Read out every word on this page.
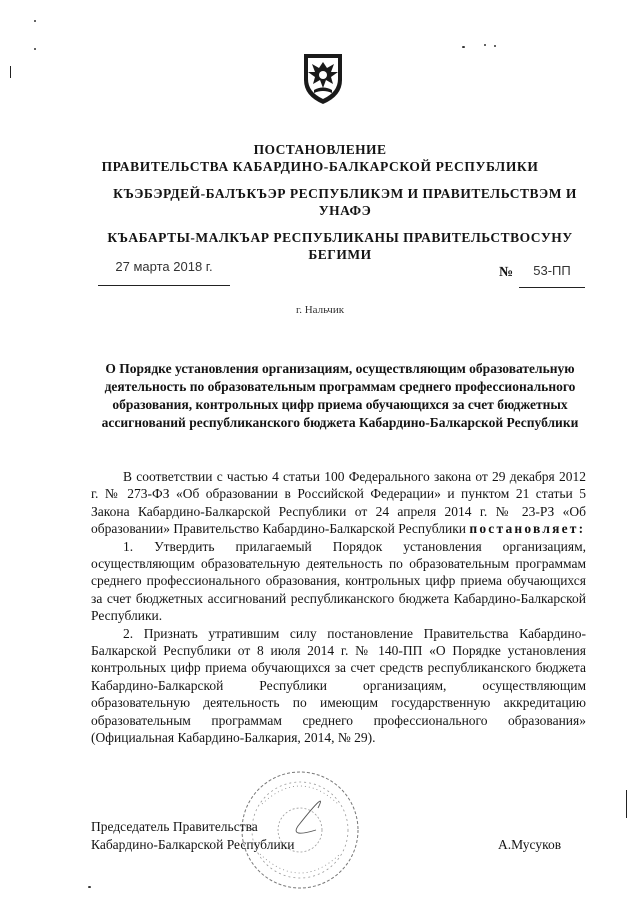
ПОСТАНОВЛЕНИЕ
ПРАВИТЕЛЬСТВА КАБАРДИНО-БАЛКАРСКОЙ РЕСПУБЛИКИ
КЪЭБЭРДЕЙ-БАЛЪКЪЭР РЕСПУБЛИКЭМ И ПРАВИТЕЛЬСТВЭМ И УНАФЭ
КЪАБАРТЫ-МАЛКЪАР РЕСПУБЛИКАНЫ ПРАВИТЕЛЬСТВОСУНУ БЕГИМИ
27 марта 2018 г.	№	53-ПП
г. Нальчик
О Порядке установления организациям, осуществляющим образовательную деятельность по образовательным программам среднего профессионального образования, контрольных цифр приема обучающихся за счет бюджетных ассигнований республиканского бюджета Кабардино-Балкарской Республики

В соответствии с частью 4 статьи 100 Федерального закона от 29 декабря 2012 г. № 273-ФЗ «Об образовании в Российской Федерации» и пунктом 21 статьи 5 Закона Кабардино-Балкарской Республики от 24 апреля 2014 г. № 23-РЗ «Об образовании» Правительство Кабардино-Балкарской Республики постановляет:

1. Утвердить прилагаемый Порядок установления организациям, осуществляющим образовательную деятельность по образовательным программам среднего профессионального образования, контрольных цифр приема обучающихся за счет бюджетных ассигнований республиканского бюджета Кабардино-Балкарской Республики.

2. Признать утратившим силу постановление Правительства Кабардино-Балкарской Республики от 8 июля 2014 г. № 140-ПП «О Порядке установления контрольных цифр приема обучающихся за счет средств республиканского бюджета Кабардино-Балкарской Республики организациям, осуществляющим образовательную деятельность по имеющим государственную аккредитацию образовательным программам среднего профессионального образования» (Официальная Кабардино-Балкария, 2014, № 29).

Председатель Правительства
Кабардино-Балкарской Республики	А.Мусуков
